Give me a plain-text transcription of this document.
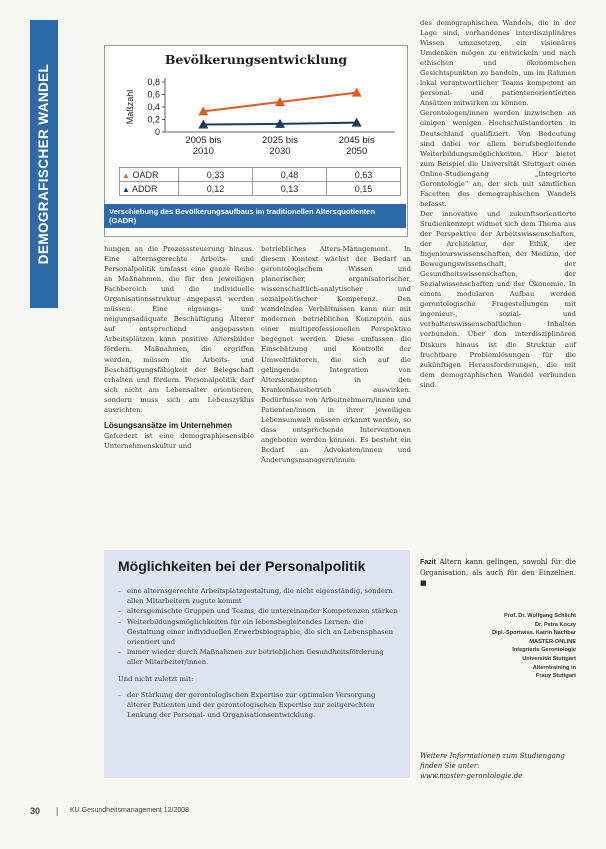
DEMOGRAFISCHER WANDEL
Bevölkerungsentwicklung
0,8
0,6
0,4
0,2
0
Maßzahl
2005 bis
2010
2025 bis
2030
2045 bis
2050
▲ OADR	0,33	0,48	0,63
▲ ADDR	0,12	0,13	0,15
Verschiebung des Bevölkerungsaufbaus im traditionellen Altersquotienten (OADR)

hungen an die Prozesssteuerung hinaus. Eine alternsgerechte Arbeits- und Personalpolitik umfasst eine ganze Reihe an Maßnahmen, die für den jeweiligen Fachbereich und die individuelle Organisationsstruktur angepasst werden müssen. Eine eignungs- und neigungsadäquate Beschäftigung Älterer auf entsprechend angepassten Arbeitsplätzen kann positive Altersbilder fördern. Maßnahmen, die ergriffen werden, müssen die Arbeits- und Beschäftigungsfähigkeit der Belegschaft erhalten und fördern. Personalpolitik darf sich nicht am Lebensalter orientieren, sondern muss sich am Lebenszyklus ausrichten.

Lösungsansätze im Unternehmen

Gefordert ist eine demographiesensible Unternehmenskultur und

betriebliches Alters-Management. In diesem Kontext wächst der Bedarf an gerontologischem Wissen und planerischer, organisatorischer, wissenschaftlich-analytischer und sozialpolitischer Kompetenz. Den wandelnden Verhältnissen kann nur mit modernen betrieblichen Konzepten aus einer multiprofessionellen Perspektive begegnet werden. Diese umfassen die Einschätzung und Kontrolle der Umweltfaktoren, die sich auf die gelingende Integration von Alterskonzepten in den Krankenhausbetrieb auswirken. Bedürfnisse von Arbeitnehmern/innen und Patienten/innen in ihrer jeweiligen Lebensumwelt müssen erkannt werden, so dass entsprechende Interventionen angeboten werden können. Es besteht ein Bedarf an Advokaten/innen und Änderungsmanagern/innen

des demographischen Wandels, die in der Lage sind, vorhandenes interdisziplinäres Wissen umzusetzen, ein visionäres Umdenken mögen zu entwickeln und nach ethischen und ökonomischen Gesichtspunkten zu handeln, um im Rahmen lokal verantwortlicher Teams kompetent an personal- und patientenorientierten Ansätzen mitwirken zu können.

Gerontologen/innen werden inzwischen an einigen wenigen Hochschulstandorten in Deutschland qualifiziert. Von Bedeutung sind dabei vor allem berufsbegleitende Weiterbildungsmöglichkeiten. Hier bietet zum Beispiel die Universität Stuttgart einen Online-Studiengang „Integrierte Gerontologie“ an, der sich mit sämtlichen Facetten des demographischen Wandels befasst.

Der innovative und zukunftsorientierte Studienkonzept widmet sich dem Thema aus der Perspektive der Arbeitswissenschaften, der Architektur, der Ethik, der Ingenieurswissenschaften, der Medizin, der Bewegungswissenschaft, der Gesundheitswissenschaften, der Sozialwissenschaften und der Ökonomie. In einem modularen Aufbau werden gerontologische Fragestellungen mit ingenieur-, sozial- und verhaltenswissenschaftlichen Inhalten verbunden. Über den interdisziplinären Diskurs hinaus ist die Struktur auf fruchtbare Problemlösungen für die zukünftigen Herausforderungen, die mit dem demographischen Wandel verbunden sind.

Möglichkeiten bei der Personalpolitik
– eine alternsgerechte Arbeitsplatzgestaltung, die nicht eigenständig, sondern allen Mitarbeitern zugute kommt
– altersgemischte Gruppen und Teams, die untereinander Kompetenzen stärken
– Weiterbildungsmöglichkeiten für ein lebensbegleitendes Lernen: die Gestaltung einer individuellen Erwerbsbiographie, die sich an Lebensphasen orientiert und
– immer wieder durch Maßnahmen zur betrieblichen Gesundheitsförderung aller Mitarbeiter/innen.

Und nicht zuletzt mit:

– der Stärkung der gerontologischen Expertise zur optimalen Versorgung älterer Patienten und der gerontologischen Expertise zur zeitgerechten Lenkung der Personal- und Organisationsentwicklung.
Fazit Altern kann gelingen, sowohl für die Organisation, als auch für den Einzelnen. ■
Prof. Dr. Wolfgang Schlicht
Dr. Petra Koczy
Dipl.-Sportwiss. Katrin Nachbar
MASTER-ONLINE
Integrierte Gerontologie
Universität Stuttgart
Alterntraining in
Frauy Stuttgart
Weitere Informationen zum Studiengang finden Sie unter:
www.master-gerontologie.de
30 | KU Gesundheitsmanagement 12/2008
